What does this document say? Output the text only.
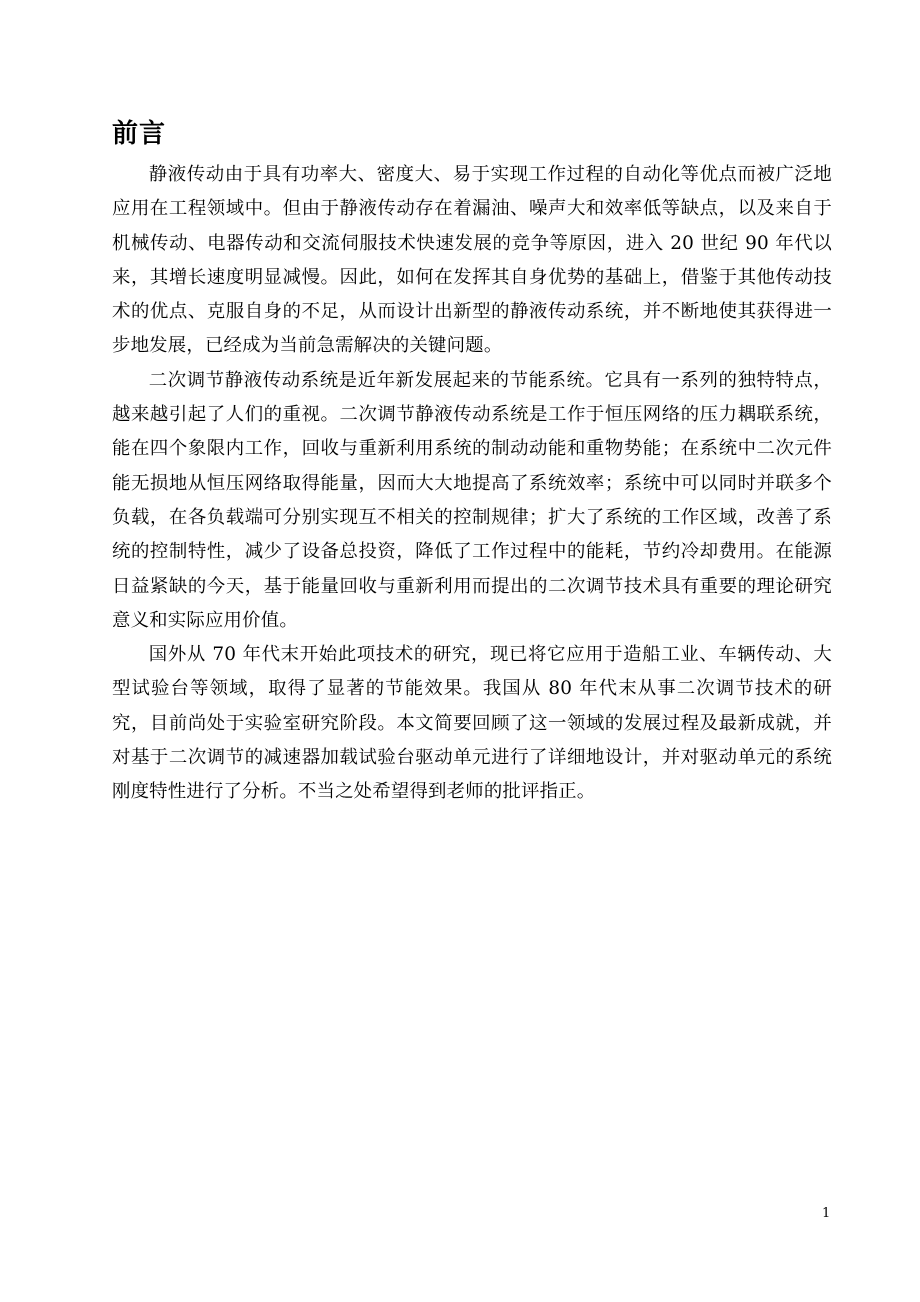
前言

静液传动由于具有功率大、密度大、易于实现工作过程的自动化等优点而被广泛地应用在工程领域中。但由于静液传动存在着漏油、噪声大和效率低等缺点，以及来自于机械传动、电器传动和交流伺服技术快速发展的竞争等原因，进入 20 世纪 90 年代以来，其增长速度明显减慢。因此，如何在发挥其自身优势的基础上，借鉴于其他传动技术的优点、克服自身的不足，从而设计出新型的静液传动系统，并不断地使其获得进一步地发展，已经成为当前急需解决的关键问题。

二次调节静液传动系统是近年新发展起来的节能系统。它具有一系列的独特特点，越来越引起了人们的重视。二次调节静液传动系统是工作于恒压网络的压力耦联系统，能在四个象限内工作，回收与重新利用系统的制动动能和重物势能；在系统中二次元件能无损地从恒压网络取得能量，因而大大地提高了系统效率；系统中可以同时并联多个负载，在各负载端可分别实现互不相关的控制规律；扩大了系统的工作区域，改善了系统的控制特性，减少了设备总投资，降低了工作过程中的能耗，节约冷却费用。在能源日益紧缺的今天，基于能量回收与重新利用而提出的二次调节技术具有重要的理论研究意义和实际应用价值。

国外从 70 年代末开始此项技术的研究，现已将它应用于造船工业、车辆传动、大型试验台等领域，取得了显著的节能效果。我国从 80 年代末从事二次调节技术的研究，目前尚处于实验室研究阶段。本文简要回顾了这一领域的发展过程及最新成就，并对基于二次调节的减速器加载试验台驱动单元进行了详细地设计，并对驱动单元的系统刚度特性进行了分析。不当之处希望得到老师的批评指正。

1
